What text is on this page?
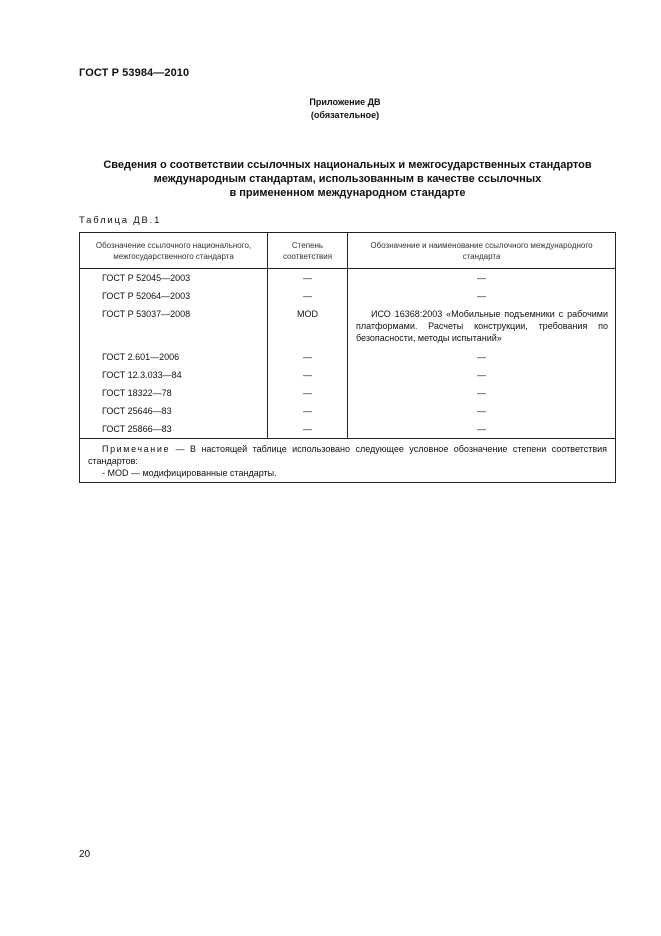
ГОСТ Р 53984—2010
Приложение ДВ
(обязательное)
Сведения о соответствии ссылочных национальных и межгосударственных стандартов
международным стандартам, использованным в качестве ссылочных
в примененном международном стандарте
Таблица ДВ.1
Обозначение ссылочного национального, межгосударственного стандарта	Степень соответствия	Обозначение и наименование ссылочного международного стандарта
ГОСТ Р 52045—2003	—	—
ГОСТ Р 52064—2003	—	—
ГОСТ Р 53037—2008	MOD	ИСО 16368:2003 «Мобильные подъемники с рабочими платформами. Расчеты конструкции, требования по безопасности, методы испытаний»
ГОСТ 2.601—2006	—	—
ГОСТ 12.3.033—84	—	—
ГОСТ 18322—78	—	—
ГОСТ 25646—83	—	—
ГОСТ 25866—83	—	—

Примечание — В настоящей таблице использовано следующее условное обозначение степени соответствия стандартов:
- MOD — модифицированные стандарты.		
20
